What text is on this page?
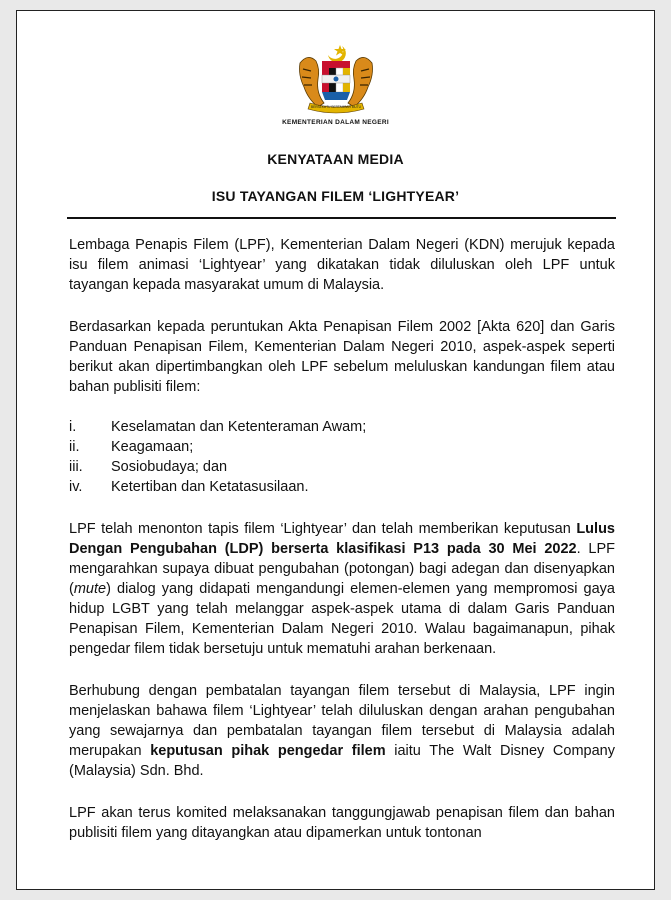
BERSEKUTU BERTAMBAH MUTU
KEMENTERIAN DALAM NEGERI
KENYATAAN MEDIA
ISU TAYANGAN FILEM ‘LIGHTYEAR’

Lembaga Penapis Filem (LPF), Kementerian Dalam Negeri (KDN) merujuk kepada isu filem animasi ‘Lightyear’ yang dikatakan tidak diluluskan oleh LPF untuk tayangan kepada masyarakat umum di Malaysia.

Berdasarkan kepada peruntukan Akta Penapisan Filem 2002 [Akta 620] dan Garis Panduan Penapisan Filem, Kementerian Dalam Negeri 2010, aspek-aspek seperti berikut akan dipertimbangkan oleh LPF sebelum meluluskan kandungan filem atau bahan publisiti filem:

i.	Keselamatan dan Ketenteraman Awam;
ii.	Keagamaan;
iii.	Sosiobudaya; dan
iv.	Ketertiban dan Ketatasusilaan.

LPF telah menonton tapis filem ‘Lightyear’ dan telah memberikan keputusan Lulus Dengan Pengubahan (LDP) berserta klasifikasi P13 pada 30 Mei 2022. LPF mengarahkan supaya dibuat pengubahan (potongan) bagi adegan dan disenyapkan (mute) dialog yang didapati mengandungi elemen-elemen yang mempromosi gaya hidup LGBT yang telah melanggar aspek-aspek utama di dalam Garis Panduan Penapisan Filem, Kementerian Dalam Negeri 2010. Walau bagaimanapun, pihak pengedar filem tidak bersetuju untuk mematuhi arahan berkenaan.

Berhubung dengan pembatalan tayangan filem tersebut di Malaysia, LPF ingin menjelaskan bahawa filem ‘Lightyear’ telah diluluskan dengan arahan pengubahan yang sewajarnya dan pembatalan tayangan filem tersebut di Malaysia adalah merupakan keputusan pihak pengedar filem iaitu The Walt Disney Company (Malaysia) Sdn. Bhd.

LPF akan terus komited melaksanakan tanggungjawab penapisan filem dan bahan publisiti filem yang ditayangkan atau dipamerkan untuk tontonan
